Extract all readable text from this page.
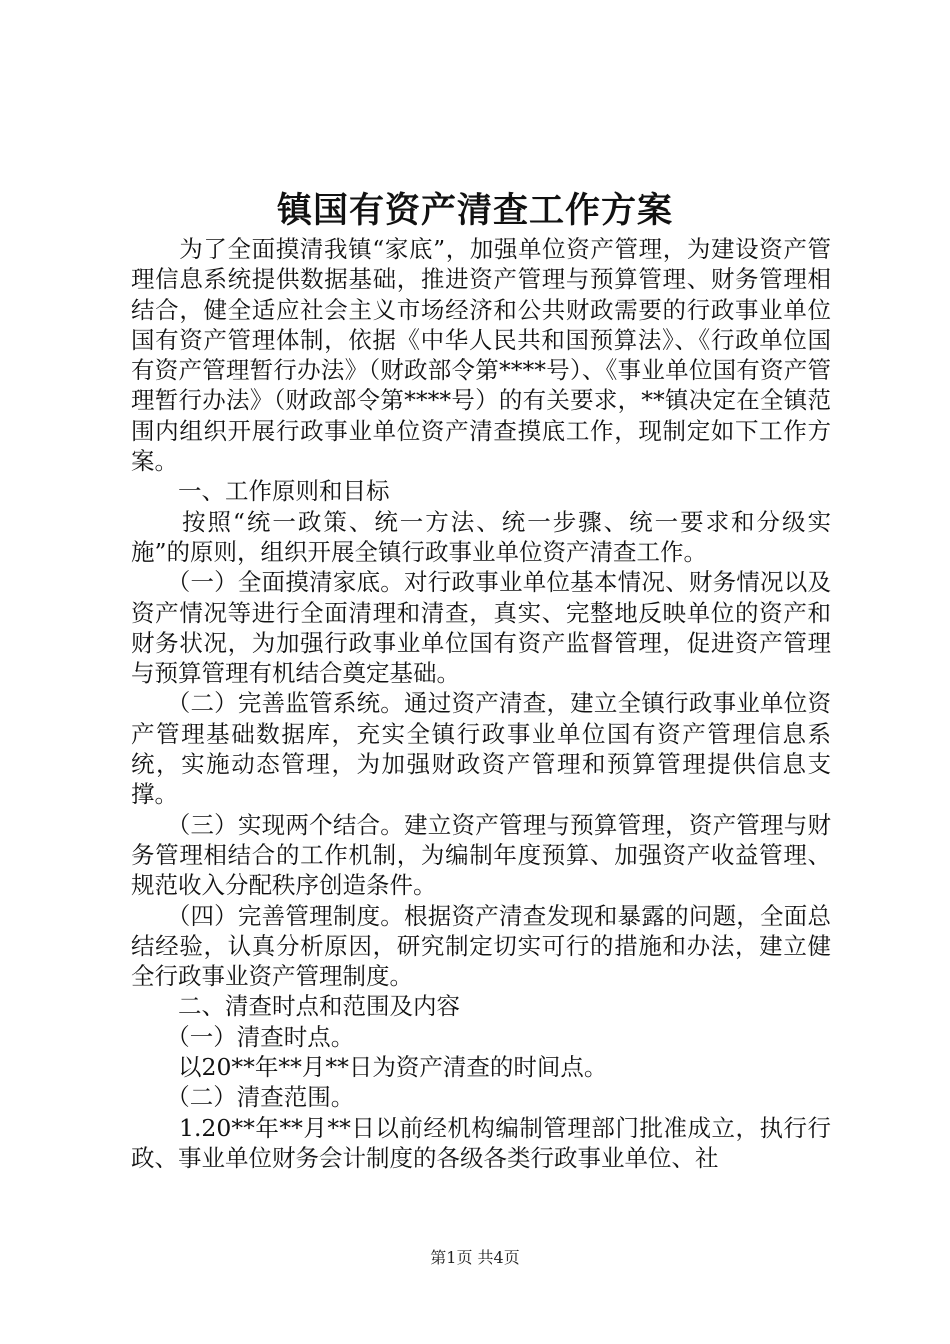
镇国有资产清查工作方案

　　为了全面摸清我镇“家底”，加强单位资产管理，为建设资产管理信息系统提供数据基础，推进资产管理与预算管理、财务管理相结合，健全适应社会主义市场经济和公共财政需要的行政事业单位国有资产管理体制，依据《中华人民共和国预算法》、《行政单位国有资产管理暂行办法》（财政部令第****号）、《事业单位国有资产管理暂行办法》（财政部令第****号）的有关要求，**镇决定在全镇范围内组织开展行政事业单位资产清查摸底工作，现制定如下工作方案。

　　一、工作原则和目标

　　按照“统一政策、统一方法、统一步骤、统一要求和分级实施”的原则，组织开展全镇行政事业单位资产清查工作。

　　（一）全面摸清家底。对行政事业单位基本情况、财务情况以及资产情况等进行全面清理和清查，真实、完整地反映单位的资产和财务状况，为加强行政事业单位国有资产监督管理，促进资产管理与预算管理有机结合奠定基础。

　　（二）完善监管系统。通过资产清查，建立全镇行政事业单位资产管理基础数据库，充实全镇行政事业单位国有资产管理信息系统，实施动态管理，为加强财政资产管理和预算管理提供信息支撑。

　　（三）实现两个结合。建立资产管理与预算管理，资产管理与财务管理相结合的工作机制，为编制年度预算、加强资产收益管理、规范收入分配秩序创造条件。

　　（四）完善管理制度。根据资产清查发现和暴露的问题，全面总结经验，认真分析原因，研究制定切实可行的措施和办法，建立健全行政事业资产管理制度。

　　二、清查时点和范围及内容

　　（一）清查时点。

　　以20**年**月**日为资产清查的时间点。

　　（二）清查范围。

　　1.20**年**月**日以前经机构编制管理部门批准成立，执行行政、事业单位财务会计制度的各级各类行政事业单位、社

第1页 共4页
